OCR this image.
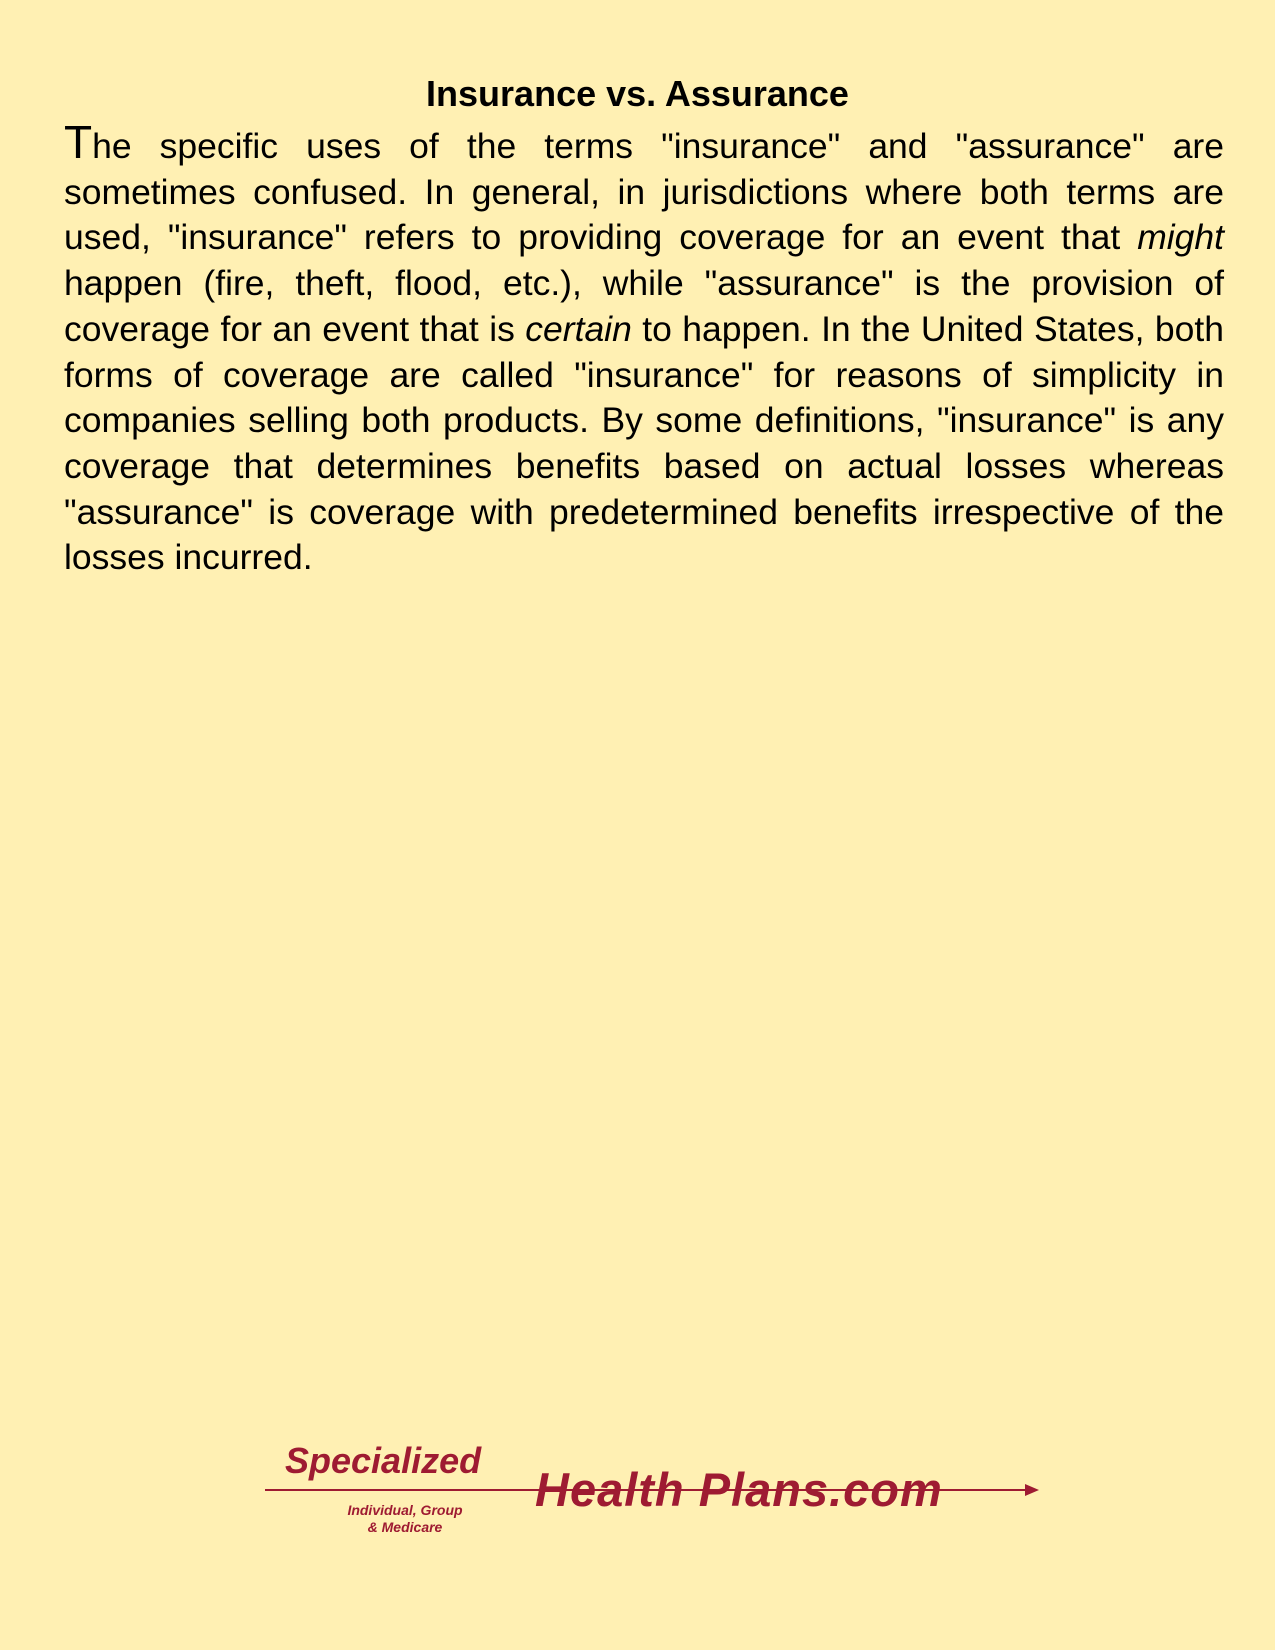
Insurance vs. Assurance

The specific uses of the terms "insurance" and "assurance" are sometimes confused. In general, in jurisdictions where both terms are used, "insurance" refers to providing coverage for an event that might happen (fire, theft, flood, etc.), while "assurance" is the provision of coverage for an event that is certain to happen. In the United States, both forms of coverage are called "insurance" for reasons of simplicity in companies selling both products. By some definitions, "insurance" is any coverage that determines benefits based on actual losses whereas "assurance" is coverage with predetermined benefits irrespective of the losses incurred.

Specialized
Health Plans.com
Individual, Group
& Medicare
